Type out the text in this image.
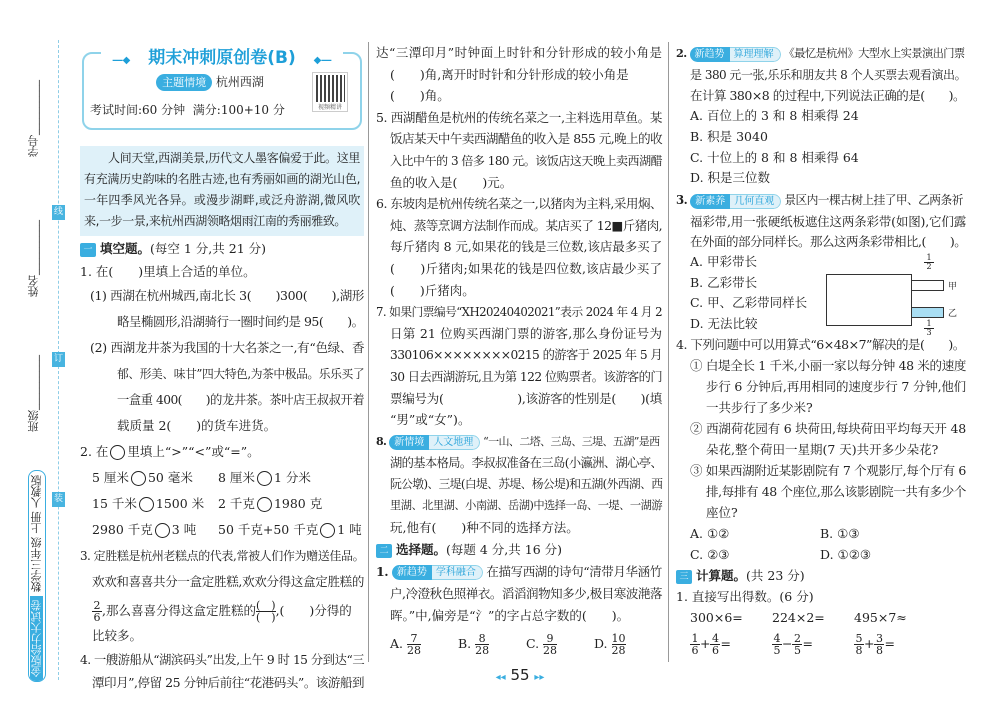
学号__________
姓名__________
班级__________
线
订
装
金版给力大试卷数学三年级 上册 人教版
―◆ 期末冲刺原创卷(B) ◆―
主题情境 杭州西湖
考试时间:60 分钟 满分:100+10 分	视频精讲
人间天堂,西湖美景,历代文人墨客偏爱于此。这里有充满历史韵味的名胜古迹,也有秀丽如画的湖光山色,一年四季风光各异。或漫步湖畔,或泛舟游湖,微风吹来,一步一景,来杭州西湖领略烟雨江南的秀丽雅致。
一 填空题。(每空 1 分,共 21 分)
1. 在(　　)里填上合适的单位。
(1) 西湖在杭州城西,南北长 3(　　)300(　　),湖形
略呈椭圆形,沿湖骑行一圈时间约是 95(　　)。
(2) 西湖龙井茶为我国的十大名茶之一,有“色绿、香
郁、形美、味甘”四大特色,为茶中极品。乐乐买了
一盒重 400(　　)的龙井茶。茶叶店王叔叔开着
载质量 2(　　)的货车进货。
2. 在 里填上“>”“<”或“=”。
5 厘米 50 毫米	8 厘米 1 分米
15 千米 1500 米	2 千克 1980 克
2980 千克 3 吨	50 千克+50 千克 1 吨
3. 定胜糕是杭州老糕点的代表,常被人们作为赠送佳品。
欢欢和喜喜共分一盒定胜糕,欢欢分得这盒定胜糕的
$\frac{2}{6}$ ,那么喜喜分得这盒定胜糕的 $\frac{( )}{( )}$ ,(　　)分得的
比较多。
4. 一艘游船从“湖滨码头”出发,上午 9 时 15 分到达“三
潭印月”,停留 25 分钟后前往“花港码头”。该游船到
达“三潭印月”时钟面上时针和分针形成的较小角是
(　　)角,离开时时针和分针形成的较小角是
(　　)角。
5. 西湖醋鱼是杭州的传统名菜之一,主料选用草鱼。某
饭店某天中午卖西湖醋鱼的收入是 855 元,晚上的收
入比中午的 3 倍多 180 元。该饭店这天晚上卖西湖醋
鱼的收入是(　　)元。
6. 东坡肉是杭州传统名菜之一,以猪肉为主料,采用焖、
炖、蒸等烹调方法制作而成。某店买了 12■斤猪肉,
每斤猪肉 8 元,如果花的钱是三位数,该店最多买了
(　　)斤猪肉;如果花的钱是四位数,该店最少买了
(　　)斤猪肉。
7. 如果门票编号“XH20240402021”表示 2024 年 4 月 2
日第 21 位购买西湖门票的游客,那么身份证号为
330106××××××××0215 的游客于 2025 年 5 月
30 日去西湖游玩,且为第 122 位购票者。该游客的门
票编号为(　　　　　　),该游客的性别是(　　)(填
“男”或“女”)。
8. 新情境 人文地理 “一山、二塔、三岛、三堤、五湖”是西
湖的基本格局。李叔叔准备在三岛(小瀛洲、湖心亭、
阮公墩)、三堤(白堤、苏堤、杨公堤)和五湖(外西湖、西
里湖、北里湖、小南湖、岳湖)中选择一岛、一堤、一湖游
玩,他有(　　)种不同的选择方法。
二 选择题。(每题 4 分,共 16 分)
1. 新趋势 学科融合 在描写西湖的诗句“清带月华涵竹
户,冷澄秋色照禅衣。滔滔润物知多少,极目寒波滟落
晖。”中,偏旁是“氵”的字占总字数的(　　)。
A. $\frac{7}{28}$	B. $\frac{8}{28}$	C. $\frac{9}{28}$	D. $\frac{10}{28}$
◂◂ 55 ▸▸
2. 新趋势 算理理解 《最忆是杭州》大型水上实景演出门票
是 380 元一张,乐乐和朋友共 8 个人买票去观看演出。
在计算 380×8 的过程中,下列说法正确的是(　　)。
A. 百位上的 3 和 8 相乘得 24
B. 积是 3040
C. 十位上的 8 和 8 相乘得 64
D. 积是三位数
3. 新素养 几何直观 景区内一棵古树上挂了甲、乙两条祈
福彩带,用一张硬纸板遮住这两条彩带(如图),它们露
在外面的部分同样长。那么这两条彩带相比,(　　)。
A. 甲彩带长
B. 乙彩带长
C. 甲、乙彩带同样长
D. 无法比较
$\frac{1}{2}$
$\frac{1}{3}$
甲
乙
4. 下列问题中可以用算式“6×48×7”解决的是(　　)。
① 白堤全长 1 千米,小丽一家以每分钟 48 米的速度
步行 6 分钟后,再用相同的速度步行 7 分钟,他们
一共步行了多少米?
② 西湖荷花园有 6 块荷田,每块荷田平均每天开 48
朵花,整个荷田一星期(7 天)共开多少朵花?
③ 如果西湖附近某影剧院有 7 个观影厅,每个厅有 6
排,每排有 48 个座位,那么该影剧院一共有多少个
座位?
A. ①②	B. ①③
C. ②③	D. ①②③
三 计算题。(共 23 分)
1. 直接写出得数。(6 分)
300×6= 224×2= 495×7≈
$\frac{1}{6} + \frac{4}{6}$ =	$\frac{4}{5} - \frac{2}{5}$ =	$\frac{5}{8} + \frac{3}{8}$ =
